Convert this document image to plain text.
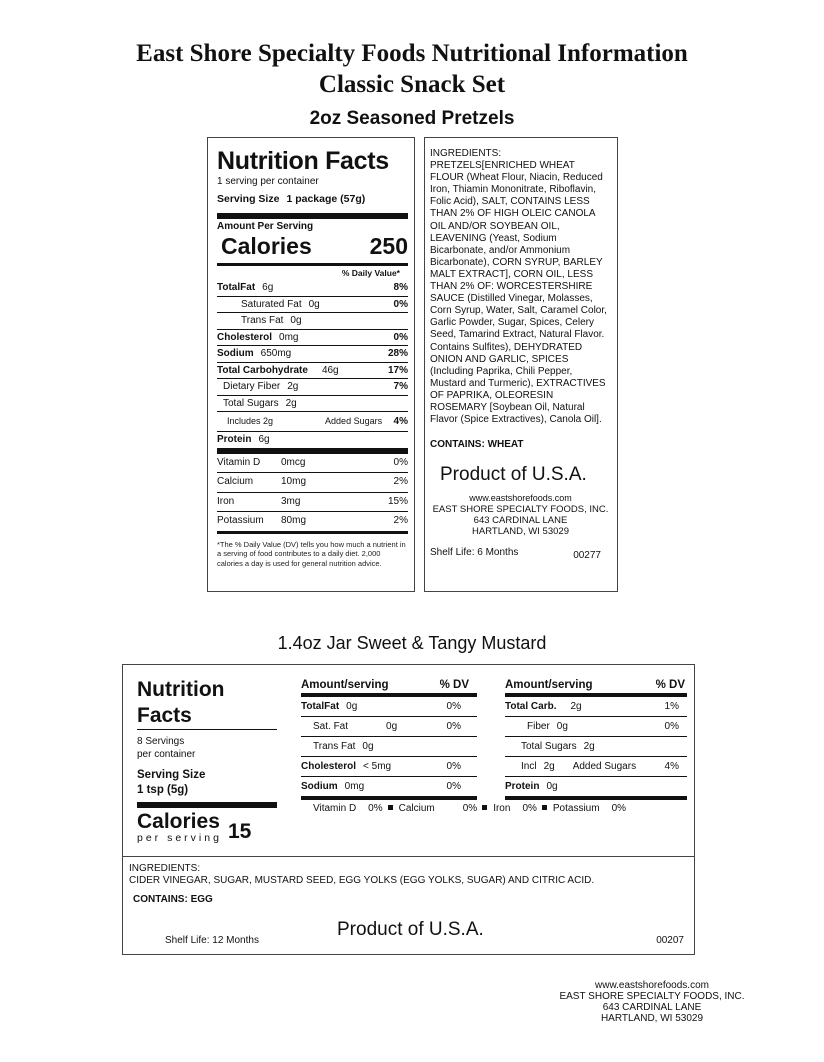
East Shore Specialty Foods Nutritional Information
Classic Snack Set
2oz Seasoned Pretzels
Nutrition Facts
1 serving per container
Serving Size 1 package (57g)
Amount Per Serving
Calories	250
% Daily Value*
TotalFat 6g	8%
Saturated Fat 0g	0%
Trans Fat 0g
Cholesterol 0mg	0%
Sodium 650mg	28%
Total Carbohydrate 46g	17%
Dietary Fiber 2g	7%
Total Sugars 2g
Includes 2g	Added Sugars 4%
Protein 6g
Vitamin D 0mcg	0%
Calcium	10mg	2%
Iron	3mg	15%
Potassium 80mg	2%
*The % Daily Value (DV) tells you how much a nutrient in a serving of food contributes to a daily diet. 2,000 calories a day is used for general nutrition advice.
INGREDIENTS:
PRETZELS[ENRICHED WHEAT FLOUR (Wheat Flour, Niacin, Reduced Iron, Thiamin Mononitrate, Riboflavin, Folic Acid), SALT, CONTAINS LESS THAN 2% OF HIGH OLEIC CANOLA OIL AND/OR SOYBEAN OIL, LEAVENING (Yeast, Sodium Bicarbonate, and/or Ammonium Bicarbonate), CORN SYRUP, BARLEY MALT EXTRACT], CORN OIL, LESS THAN 2% OF: WORCESTERSHIRE SAUCE (Distilled Vinegar, Molasses, Corn Syrup, Water, Salt, Caramel Color, Garlic Powder, Sugar, Spices, Celery Seed, Tamarind Extract, Natural Flavor. Contains Sulfites), DEHYDRATED ONION AND GARLIC, SPICES (Including Paprika, Chili Pepper, Mustard and Turmeric), EXTRACTIVES OF PAPRIKA, OLEORESIN ROSEMARY [Soybean Oil, Natural Flavor (Spice Extractives), Canola Oil].
CONTAINS: WHEAT
Product of U.S.A.
www.eastshorefoods.com
EAST SHORE SPECIALTY FOODS, INC.
643 CARDINAL LANE
HARTLAND, WI 53029
Shelf Life: 6 Months	00277
1.4oz Jar Sweet & Tangy Mustard
Nutrition
Facts
8 Servings
per container
Serving Size
1 tsp (5g)
Calories
per serving 15
Amount/serving	% DV
TotalFat 0g	0%
Sat. Fat	0g	0%
Trans Fat 0g
Cholesterol < 5mg	0%
Sodium 0mg	0%
Amount/serving	% DV
Total Carb. 2g	1%
Fiber 0g	0%
Total Sugars 2g
Incl 2g Added Sugars	4%
Protein 0g
Vitamin D 0% Calcium	0% Iron 0% Potassium 0%
INGREDIENTS:
CIDER VINEGAR, SUGAR, MUSTARD SEED, EGG YOLKS (EGG YOLKS, SUGAR) AND CITRIC ACID.
CONTAINS: EGG
Product of U.S.A.
Shelf Life: 12 Months	00207
www.eastshorefoods.com
EAST SHORE SPECIALTY FOODS, INC.
643 CARDINAL LANE
HARTLAND, WI 53029
